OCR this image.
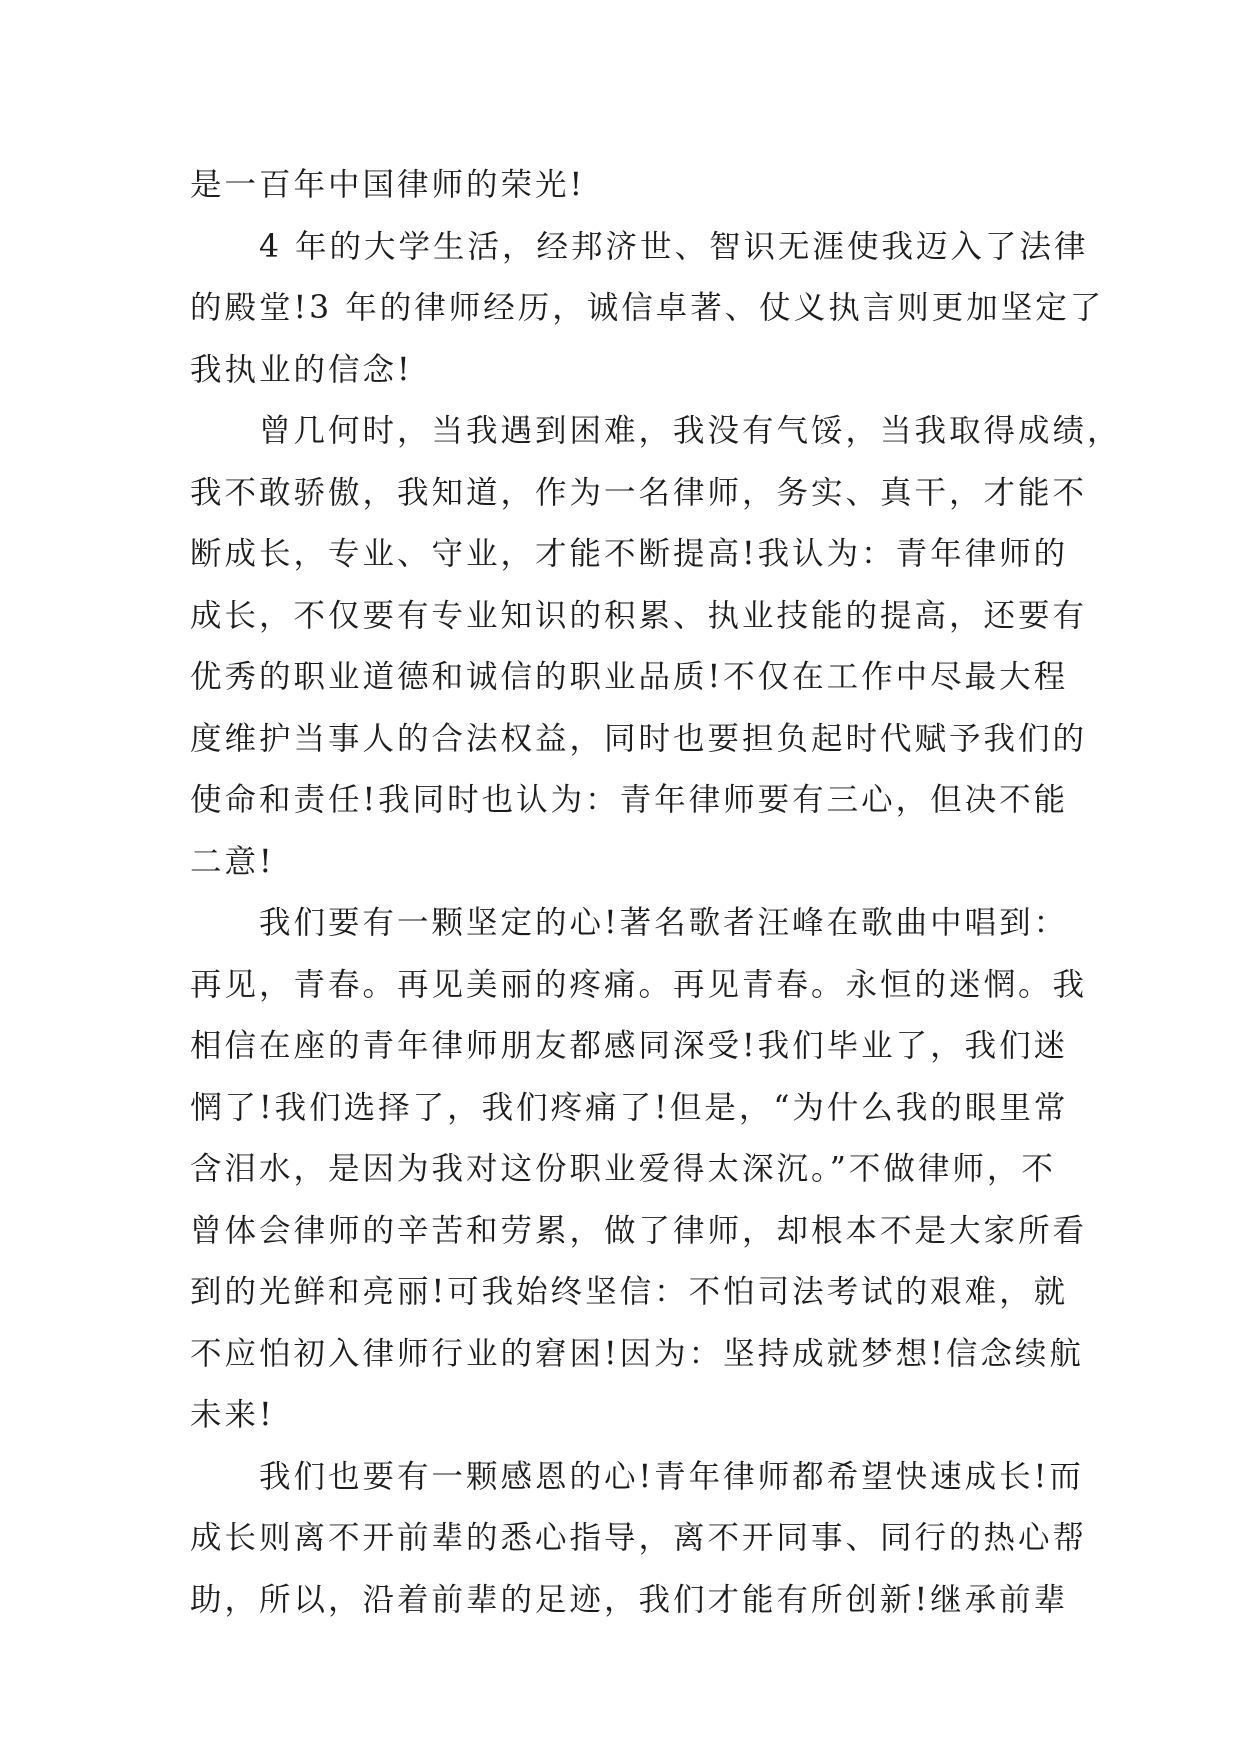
是一百年中国律师的荣光!
4 年的大学生活，经邦济世、智识无涯使我迈入了法律
的殿堂!3 年的律师经历，诚信卓著、仗义执言则更加坚定了
我执业的信念!
曾几何时，当我遇到困难，我没有气馁，当我取得成绩，
我不敢骄傲，我知道，作为一名律师，务实、真干，才能不
断成长，专业、守业，才能不断提高!我认为：青年律师的
成长，不仅要有专业知识的积累、执业技能的提高，还要有
优秀的职业道德和诚信的职业品质!不仅在工作中尽最大程
度维护当事人的合法权益，同时也要担负起时代赋予我们的
使命和责任!我同时也认为：青年律师要有三心，但决不能
二意!
我们要有一颗坚定的心!著名歌者汪峰在歌曲中唱到：
再见，青春。再见美丽的疼痛。再见青春。永恒的迷惘。我
相信在座的青年律师朋友都感同深受!我们毕业了，我们迷
惘了!我们选择了，我们疼痛了!但是，“为什么我的眼里常
含泪水，是因为我对这份职业爱得太深沉。”不做律师，不
曾体会律师的辛苦和劳累，做了律师，却根本不是大家所看
到的光鲜和亮丽!可我始终坚信：不怕司法考试的艰难，就
不应怕初入律师行业的窘困!因为：坚持成就梦想!信念续航
未来!
我们也要有一颗感恩的心!青年律师都希望快速成长!而
成长则离不开前辈的悉心指导，离不开同事、同行的热心帮
助，所以，沿着前辈的足迹，我们才能有所创新!继承前辈
